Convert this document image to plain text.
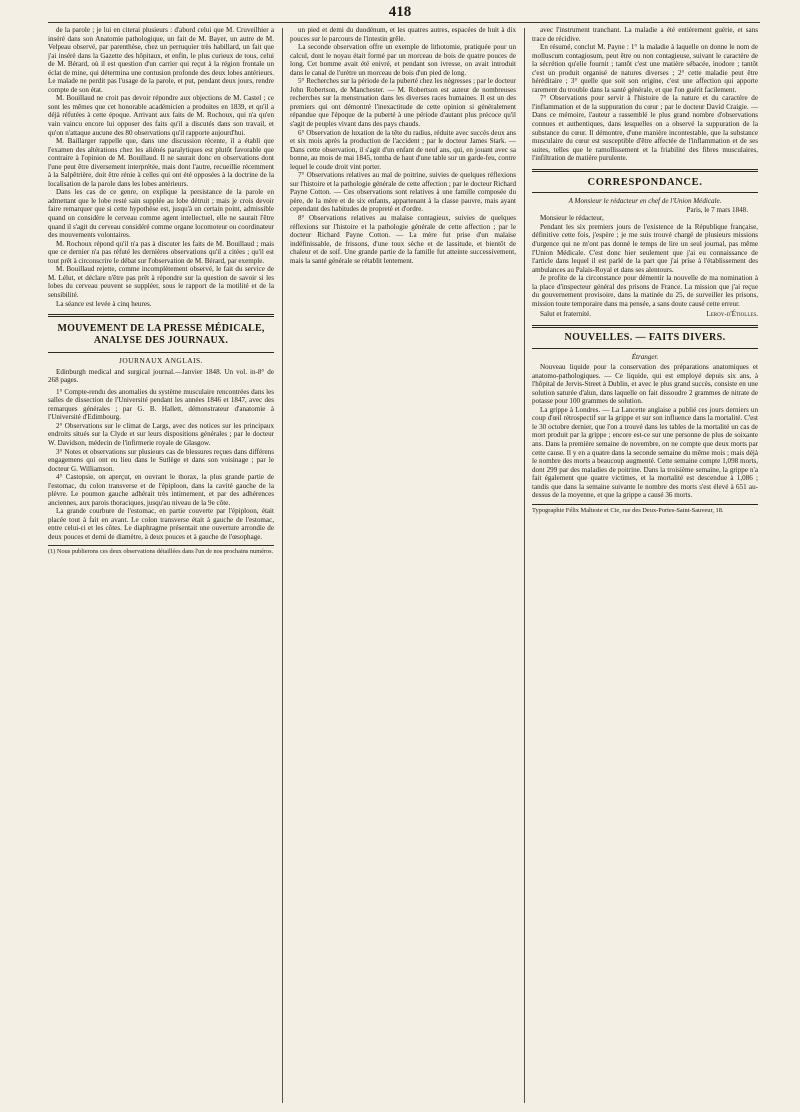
418

de la parole ; je lui en citerai plusieurs : d'abord celui que M. Cruveilhier a inséré dans son Anatomie pathologique, un fait de M. Bayer, un autre de M. Velpeau observé, par parenthèse, chez un perruquier très habillard, un fait que j'ai inséré dans la Gazette des hôpitaux, et enfin, le plus curieux de tous, celui de M. Bérard, où il est question d'un carrier qui reçut à la région frontale un éclat de mine, qui détermina une contusion profonde des deux lobes antérieurs. Le malade ne perdit pas l'usage de la parole, et put, pendant deux jours, rendre compte de son état.

M. Bouillaud ne croit pas devoir répondre aux objections de M. Castel ; ce sont les mêmes que cet honorable académicien a produites en 1839, et qu'il a déjà réfutées à cette époque. Arrivant aux faits de M. Rochoux, qui n'a qu'en vain vaincu encore lui opposer des faits qu'il a discutés dans son travail, et qu'on n'attaque aucune des 80 observations qu'il rapporte aujourd'hui.

M. Baillarger rappelle que, dans une discussion récente, il a établi que l'examen des altérations chez les aliénés paralytiques est plutôt favorable que contraire à l'opinion de M. Bouillaud. Il ne saurait donc en observations dont l'une peut être diversement interprétée, mais dont l'autre, recueillie récemment à la Salpêtrière, doit être rénie à celles qui ont été opposées à la doctrine de la localisation de la parole dans les lobes antérieurs.

Dans les cas de ce genre, on explique la persistance de la parole en admettant que le lobe resté sain supplée au lobe détruit ; mais je crois devoir faire remarquer que si cette hypothèse est, jusqu'à un certain point, admissible quand on considère le cerveau comme agent intellectuel, elle ne saurait l'être quand il s'agit du cerveau considéré comme organe locomoteur ou coordinateur des mouvements volontaires.

M. Rochoux répond qu'il n'a pas à discuter les faits de M. Bouillaud ; mais que ce dernier n'a pas réfuté les dernières observations qu'il a citées ; qu'il est tout prêt à circonscrire le débat sur l'observation de M. Bérard, par exemple.

M. Bouillaud rejette, comme incomplètement observé, le fait du service de M. Lélut, et déclare n'être pas prêt à répondre sur la question de savoir si les lobes du cerveau peuvent se suppléer, sous le rapport de la motilité et de la sensibilité.

La séance est levée à cinq heures.

MOUVEMENT DE LA PRESSE MÉDICALE, ANALYSE DES JOURNAUX.
JOURNAUX ANGLAIS.
Edinburgh medical and surgical journal.—Janvier 1848. Un vol. in-8° de 268 pages.

1° Compte-rendu des anomalies du système musculaire rencontrées dans les salles de dissection de l'Université pendant les années 1846 et 1847, avec des remarques générales ; par G. B. Hallett, démonstrateur d'anatomie à l'Université d'Edimbourg.

2° Observations sur le climat de Largs, avec des notices sur les principaux endroits situés sur la Clyde et sur leurs dispositions générales ; par le docteur W. Davidson, médecin de l'infirmerie royale de Glasgow.

3° Notes et observations sur plusieurs cas de blessures reçues dans différens engagemens qui ont eu lieu dans le Sutlège et dans son voisinage ; par le docteur G. Williamson.

4° Castopsie, on aperçut, en ouvrant le thorax, la plus grande partie de l'estomac, du colon transverse et de l'épiploon, dans la cavité gauche de la plèvre. Le poumon gauche adhérait très intimement, et par des adhérences anciennes, aux parois thoraciques, jusqu'au niveau de la 9e côte.

La grande courbure de l'estomac, en partie couverte par l'épiploon, était placée tout à fait en avant. Le colon transverse était à gauche de l'estomac, entre celui-ci et les côtes. Le diaphragme présentait une ouverture arrondie de deux pouces et demi de diamètre, à deux pouces et à gauche de l'œsophage.

(1) Nous publierons ces deux observations détaillées dans l'un de nos prochains numéros.

un pied et demi du duodénum, et les quatres autres, espacées de huit à dix pouces sur le parcours de l'intestin grêle.

La seconde observation offre un exemple de lithotomie, pratiquée pour un calcul, dont le noyau était formé par un morceau de bois de quatre pouces de long. Cet homme avait été enivré, et pendant son ivresse, on avait introduit dans le canal de l'urètre un morceau de bois d'un pied de long.

5° Recherches sur la période de la puberté chez les nègresses ; par le docteur John Robertson, de Manchester. — M. Robertson est auteur de nombreuses recherches sur la menstruation dans les diverses races humaines. Il est un des premiers qui ont démontré l'inexactitude de cette opinion si généralement répandue que l'époque de la puberté à une période d'autant plus précoce qu'il s'agit de peuples vivant dans des pays chauds.

6° Observation de luxation de la tête du radius, réduite avec succès deux ans et six mois après la production de l'accident ; par le docteur James Stark. — Dans cette observation, il s'agit d'un enfant de neuf ans, qui, en jouant avec sa bonne, au mois de mai 1845, tomba de haut d'une table sur un garde-feu, contre lequel le coude droit vint porter.

7° Observations relatives au mal de poitrine, suivies de quelques réflexions sur l'histoire et la pathologie générale de cette affection ; par le docteur Richard Payne Cotton. — Ces observations sont relatives à une famille composée du père, de la mère et de six enfants, appartenant à la classe pauvre, mais ayant cependant des habitudes de propreté et d'ordre.

8° Observations relatives au malaise contagieux, suivies de quelques réflexions sur l'histoire et la pathologie générale de cette affection ; par le docteur Richard Payne Cotton. — La mère fut prise d'un malaise indéfinissable, de frissons, d'une toux sèche et de lassitude, et bientôt de chaleur et de soif. Une grande partie de la famille fut atteinte successivement, mais la santé générale se rétablit lentement.

avec l'instrument tranchant. La maladie a été entièrement guérie, et sans trace de récidive.

En résumé, conclut M. Payne : 1° la maladie à laquelle on donne le nom de molluscum contagiosum, peut être ou non contagieuse, suivant le caractère de la sécrétion qu'elle fournit ; tantôt c'est une matière sébacée, inodore ; tantôt c'est un produit organisé de natures diverses ; 2° cette maladie peut être héréditaire ; 3° quelle que soit son origine, c'est une affection qui apporte rarement du trouble dans la santé générale, et que l'on guérit facilement.

7° Observations pour servir à l'histoire de la nature et du caractère de l'inflammation et de la suppuration du cœur ; par le docteur David Craigie. — Dans ce mémoire, l'auteur a rassemblé le plus grand nombre d'observations connues et authentiques, dans lesquelles on a observé la suppuration de la substance du cœur. Il démontre, d'une manière incontestable, que la substance musculaire du cœur est susceptible d'être affectée de l'inflammation et de ses suites, telles que le ramollissement et la friabilité des fibres musculaires, l'infiltration de matière purulente.

CORRESPONDANCE.
A Monsieur le rédacteur en chef de l'Union Médicale.
Paris, le 7 mars 1848.
Monsieur le rédacteur,

Pendant les six premiers jours de l'existence de la République française, définitive cette fois, j'espère ; je me suis trouvé chargé de plusieurs missions d'urgence qui ne m'ont pas donné le temps de lire un seul journal, pas même l'Union Médicale. C'est donc hier seulement que j'ai eu connaissance de l'article dans lequel il est parlé de la part que j'ai prise à l'établissement des ambulances au Palais-Royal et dans ses alentours.

Je profite de la circonstance pour démentir la nouvelle de ma nomination à la place d'inspecteur général des prisons de France. La mission que j'ai reçue du gouvernement provisoire, dans la matinée du 25, de surveiller les prisons, mission toute temporaire dans ma pensée, a sans doute causé cette erreur.

Salut et fraternité.	Leroy-d'Étiolles.
NOUVELLES. — FAITS DIVERS.
Étranger.

Nouveau liquide pour la conservation des préparations anatomiques et anatomo-pathologiques. — Ce liquide, qui est employé depuis six ans, à l'hôpital de Jervis-Street à Dublin, et avec le plus grand succès, consiste en une solution saturée d'alun, dans laquelle on fait dissoudre 2 grammes de nitrate de potasse pour 100 grammes de solution.

La grippe à Londres. — La Lancette anglaise a publié ces jours derniers un coup d'œil rétrospectif sur la grippe et sur son influence dans la mortalité. C'est le 30 octobre dernier, que l'on a trouvé dans les tables de la mortalité un cas de mort produit par la grippe ; encore est-ce sur une personne de plus de soixante ans. Dans la première semaine de novembre, on ne compte que deux morts par cette cause. Il y en a quatre dans la seconde semaine du même mois ; mais déjà le nombre des morts a beaucoup augmenté. Cette semaine compte 1,098 morts, dont 299 par des maladies de poitrine. Dans la troisième semaine, la grippe n'a fait également que quatre victimes, et la mortalité est descendue à 1,086 ; tandis que dans la semaine suivante le nombre des morts s'est élevé à 651 au-dessus de la moyenne, et que la grippe a causé 36 morts.

Typographie Félix Malteste et Cie, rue des Deux-Portes-Saint-Sauveur, 18.
